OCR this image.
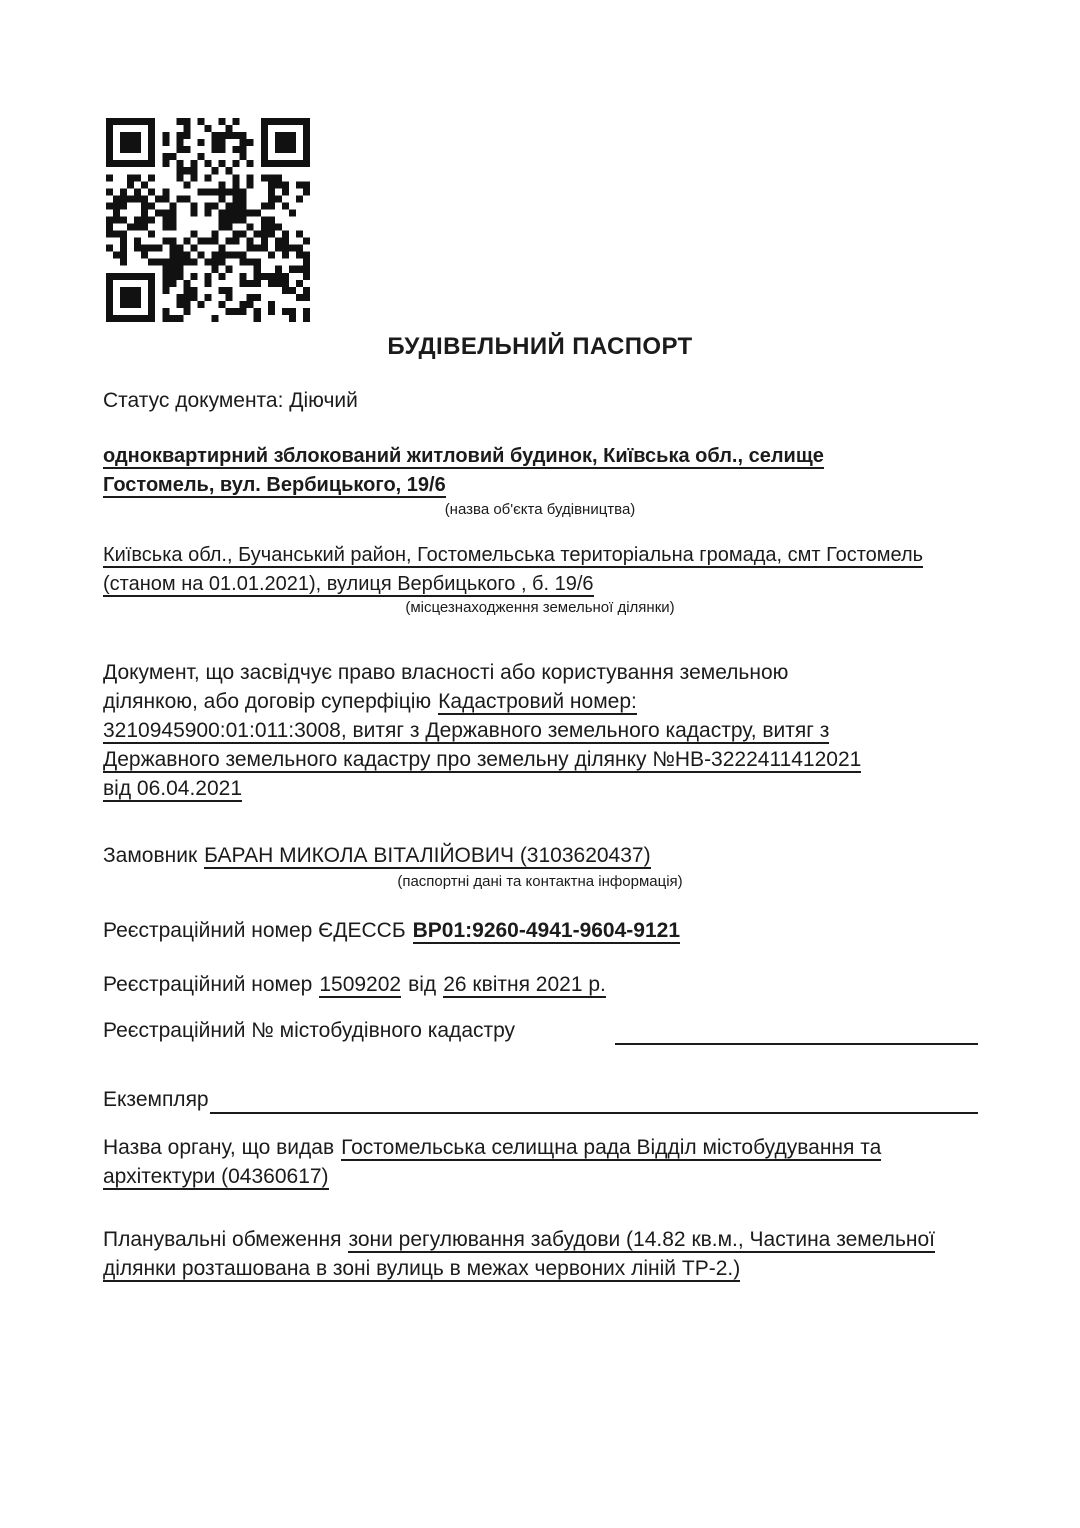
БУДІВЕЛЬНИЙ ПАСПОРТ
Статус документа: Діючий
одноквартирний зблокований житловий будинок, Київська обл., селище
Гостомель, вул. Вербицького, 19/6
(назва об'єкта будівництва)
Київська обл., Бучанський район, Гостомельська територіальна громада, смт Гостомель
(станом на 01.01.2021), вулиця Вербицького , б. 19/6
(місцезнаходження земельної ділянки)
Документ, що засвідчує право власності або користування земельною
ділянкою, або договір суперфіцію Кадастровий номер:
3210945900:01:011:3008, витяг з Державного земельного кадастру, витяг з
Державного земельного кадастру про земельну ділянку №НВ-3222411412021
від 06.04.2021
Замовник БАРАН МИКОЛА ВІТАЛІЙОВИЧ (3103620437)
(паспортні дані та контактна інформація)
Реєстраційний номер ЄДЕССБ ВР01:9260-4941-9604-9121
Реєстраційний номер 1509202 від 26 квітня 2021 р.
Реєстраційний № містобудівного кадастру
Екземпляр
Назва органу, що видав Гостомельська селищна рада Відділ містобудування та
архітектури (04360617)
Планувальні обмеження зони регулювання забудови (14.82 кв.м., Частина земельної
ділянки розташована в зоні вулиць в межах червоних ліній ТР-2.)
